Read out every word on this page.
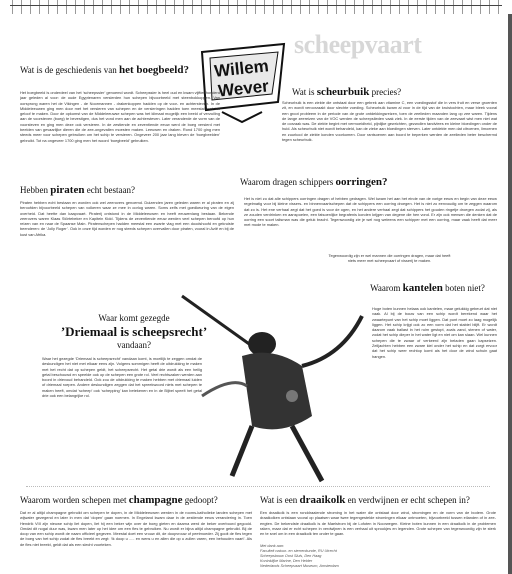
Willem
Wever
scheepvaart
Wat is de geschiedenis van het boegbeeld?
Het boegbeeld is onderdeel van het ‘scheepssier’ genoemd wordt. Scheepssier is heel oud en kwam vijftienhonderd jaar geleden al voor: de oude Egyptenaren versierden hun schepen bijvoorbeeld met steenbokkoppen. Van oorsprong waren het de Vikingen - de Noormannen - drakenkoppen hadden op de voor- en achtersteven. In de Middeleeuwen ging men door met het versieren van schepen en de versieringen hadden toen meestal met het geloof te maken. Door de opkomst van de Middeleeuwse schepen was het klimaat mogelijk een beeld of verzuiling aan de voorsteven (boeg) te bevestigen, dus het vond men aan de achtersteven. Later veranderde de vorm van de voorsteven en ging men deze ook versieren. In de zestiende en zeventiende eeuw werd de boeg versierd met beelden van gevaarlijke dieren die de zee-ongevallen moesten maken. Leeuwen en draken. Rond 1700 ging men steeds meer voor schepen gebruiken om het schip te versieren. Ongeveer 200 jaar lang bleven de ‘boegbeelden’ gebruikt. Tot na ongeveer 1700 ging men het woord ‘boegbeeld’ gebruiken.
Wat is scheurbuik precies?
Scheurbuik is een ziekte die ontstaat door een gebrek aan vitamine C, een voedingsstof die in vers fruit en verse groenten zit, en wordt veroorzaakt door slechte voeding. Scheurbuik kwam al voor in de tijd van de kruistochten, maar bleek vooral een groot probleem in de periode van de grote ontdekkingsreizen, toen de zeelieden maanden lang op zee waren. Tijdens de lange zeereizen van de VOC werden de scheepslieden vaak ziek. In de eerste tijden van de zeevaart wist men niet wat de oorzaak was. De ziekte begint met vermoeidheid, pijnlijke gewrichten, gezwollen tandvlees en kleine bloedingen onder de huid. Als scheurbuik niet wordt behandeld, kan de zieke aan bloedingen sterven. Later ontdekte men dat citroenen, limoenen en zuurkool de ziekte konden voorkomen. Door rantsoenen aan boord te beperken werden de zeelieden beter beschermd tegen scheurbuik.
Waarom dragen schippers oorringen?
Het is niet zo dat alle schippers oorringen dragen of hebben gedragen. Wel kwam het aan het einde van de vorige eeuw en begin van deze eeuw regelmatig voor bij kleine vissers- en binnenvaartschepen dat de schippers een oorring droegen. Het is niet zo eenvoudig om te zeggen waarom dat zo is. Het ene verhaal zegt dat het goed is voor de ogen, en het andere verhaal zegt dat schippers het gouden ringetje droegen zodat zij, als ze zouden verdrinken en aanspoelen, een fatsoenlijke begrafenis konden krijgen van degene die hen vond. Er zijn ook mensen die denken dat de oorring een soort talisman was die geluk bracht. Tegenwoordig zie je wel nog weleens een schipper met een oorring, maar vaak heeft dat meer met mode te maken.
Tegenwoordig zijn er wel mannen die oorringen dragen, maar dat heeft niets meer met scheepvaart of visserij te maken.
Hebben piraten echt bestaan?
Piraten hebben echt bestaan en worden ook wel zeerovers genoemd. Duizenden jaren geleden waren er al piraten en zij beroofden bijvoorbeeld schepen van volkeren waar ze mee in oorlog waren. Soms zelfs met goedkeuring van de eigen overheid. Dat heette dan kaapvaart. Piraterij ontstond in de Middeleeuwen en heeft eeuwenlang bestaan. Bekende zeerovers waren Klaas Störtebeker en Kapitein Kidd. Tijdens de zeventiende eeuw werden veel schepen beroofd op hun reizen van en naar de Spaanse Main. Piratenschepen hadden meestal een zwarte vlag met een doodshoofd en gekruiste beenderen: de ‘Jolly Roger’. Ook in onze tijd worden er nog steeds schepen overvallen door piraten, vooral in Azië en bij de kust van Afrika.
Waar komt gezegde
’Driemaal is scheepsrecht’
vandaan?
Waar het gezegde ‘Driemaal is scheepsrecht’ vandaan komt, is moeilijk te zeggen omdat de deskundigen het niet met elkaar eens zijn. Volgens sommigen heeft de uitdrukking te maken met het recht dat op schepen geldt, het scheepsrecht. Het getal drie wordt als een heilig getal beschouwd en speelde ook op de schepen een grote rol. Veel rechtszaken werden aan boord in drievoud behandeld. Ook zou de uitdrukking te maken hebben met driemaal luiden of driemaal roepen. Andere deskundigen zeggen dat het spreekwoord niets met schepen te maken heeft, omdat ‘scheep’ ook ‘schepping’ kan betekenen en in de Bijbel speelt het getal drie ook een belangrijke rol.
Waarom kantelen boten niet?
Hoge boten kunnen helaas ook kantelen, maar gelukkig gebeurt dat niet vaak. Al bij de bouw van een schip wordt berekend waar het zwaartepunt van het schip moet liggen. Dat punt moet zo laag mogelijk liggen. Het schip krijgt ook zo een vorm dat het stabiel blijft. Er wordt daarom vaak ballast in het ruim gestopt, zoals zand, stenen of water, zodat het schip dieper in het water ligt en niet om kan slaan. Wel kunnen schepen die te zwaar of verkeerd zijn beladen gaan kapseizen. Zeiljachten hebben een zware kiel onder het schip en dat zorgt ervoor dat het schip weer rechtop komt als het door de wind schuin gaat hangen.
Waarom worden schepen met champagne gedoopt?
Dat er al altijd champagne gebruikt om schepen te dopen, in de Middeleeuwen werden in de rooms-katholieke landen schepen met wijwater gezegend en later in men dat ‘dopen’ gaan noemen. In Engeland kwam daar in de zestiende eeuw verandering in. Toen Hendrik VIII zijn nieuwe schip liet dopen, liet hij een beker wijn over de boeg gieten en daarna werd de beker overboord gegooid. Omdat dit nogal duur was, kwam men later op het idee om een fles te gebruiken. Nu wordt er bijna altijd champagne gebruikt. Bij de doop van een schip wordt de naam officieel gegeven. Meestal doet een vrouw dit, de doopvrouw of peetmoeder. Zij gooit de fles tegen de boeg van het schip zodat de fles breekt en zegt: ‘Ik doop u ..... en wens u en allen die op u zullen varen, een behouden vaart’. Als de fles niet breekt, geldt dat als een slecht voorteken.
Wat is een draaikolk en verdwijnen er echt schepen in?
Een draaikolk is een ronddraaiende stroming in het water die ontstaat door wind, stromingen en de vorm van de bodem. Grote draaikolken ontstaan vooral op plaatsen waar twee tegengestelde stromingen elkaar ontmoeten, bijvoorbeeld tussen eilanden of in zee-engten. De bekendste draaikolk is de Maelstrom bij de Lofoten in Noorwegen. Kleine boten kunnen in een draaikolk in de problemen raken, maar dat er echt schepen in verdwijnen is een verhaal uit sprookjes en legenden. Grote schepen van tegenwoordig zijn te sterk en te snel om in een draaikolk ten onder te gaan.
Met dank aan:
Faculteit natuur- en sterrenkunde, RU Utrecht
Scheepsbouw Oost Sluis, Den Haag
Koninklijke Marine, Den Helder
Nederlands Scheepvaart Museum, Amsterdam
